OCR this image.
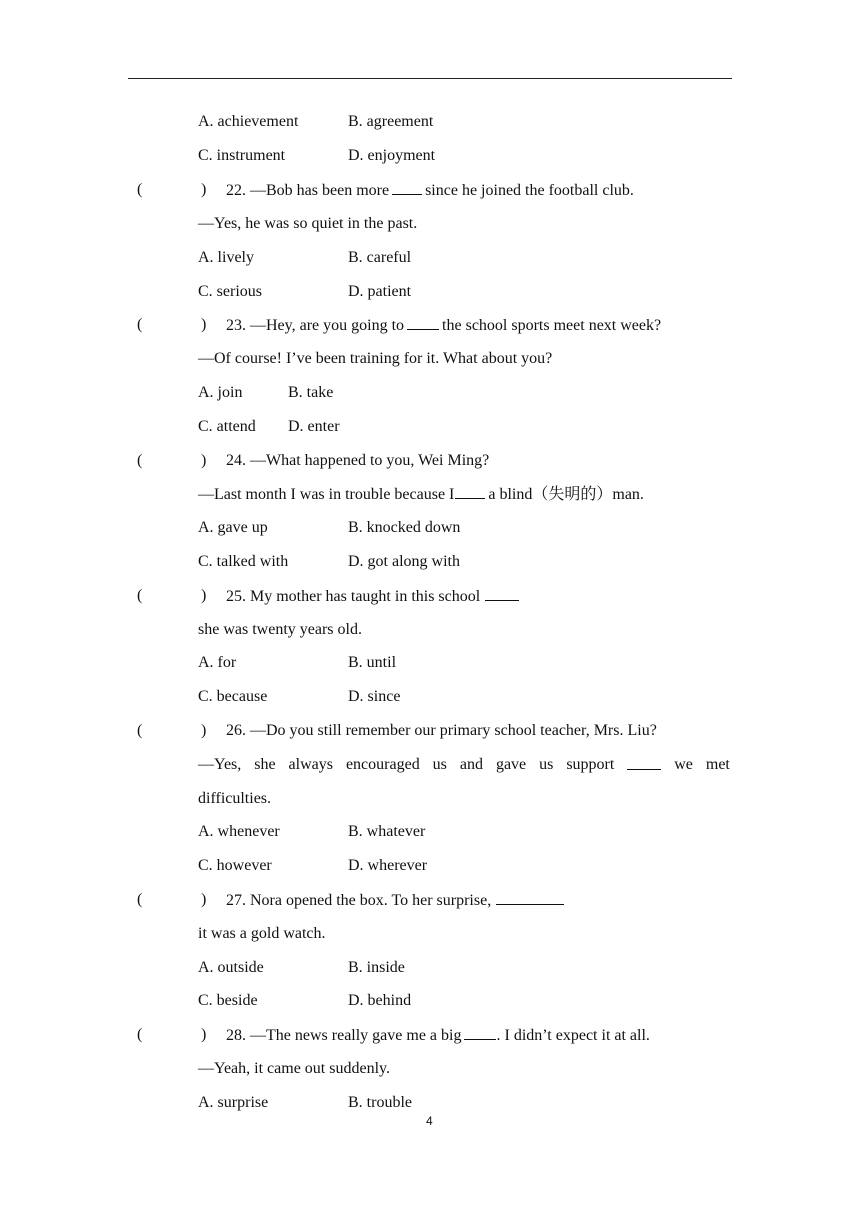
A. achievement	B. agreement
C. instrument	D. enjoyment
(	) 22. —Bob has been more since he joined the football club.
—Yes, he was so quiet in the past.
A. lively	B. careful
C. serious	D. patient
(	) 23. —Hey, are you going to the school sports meet next week?
—Of course! I’ve been training for it. What about you?
A. join	B. take
C. attend D. enter
(	) 24. —What happened to you, Wei Ming?
—Last month I was in trouble because I a blind（失明的）man.
A. gave up	B. knocked down
C. talked with	D. got along with
(	) 25. My mother has taught in this school
she was twenty years old.
A. for	B. until
C. because	D. since
(	) 26. —Do you still remember our primary school teacher, Mrs. Liu?
—Yes, she always encouraged us and gave us support	we met
difficulties.
A. whenever	B. whatever
C. however	D. wherever
(	) 27. Nora opened the box. To her surprise,
it was a gold watch.
A. outside	B. inside
C. beside	D. behind
(	) 28. —The news really gave me a big . I didn’t expect it at all.
—Yeah, it came out suddenly.
A. surprise	B. trouble
4
